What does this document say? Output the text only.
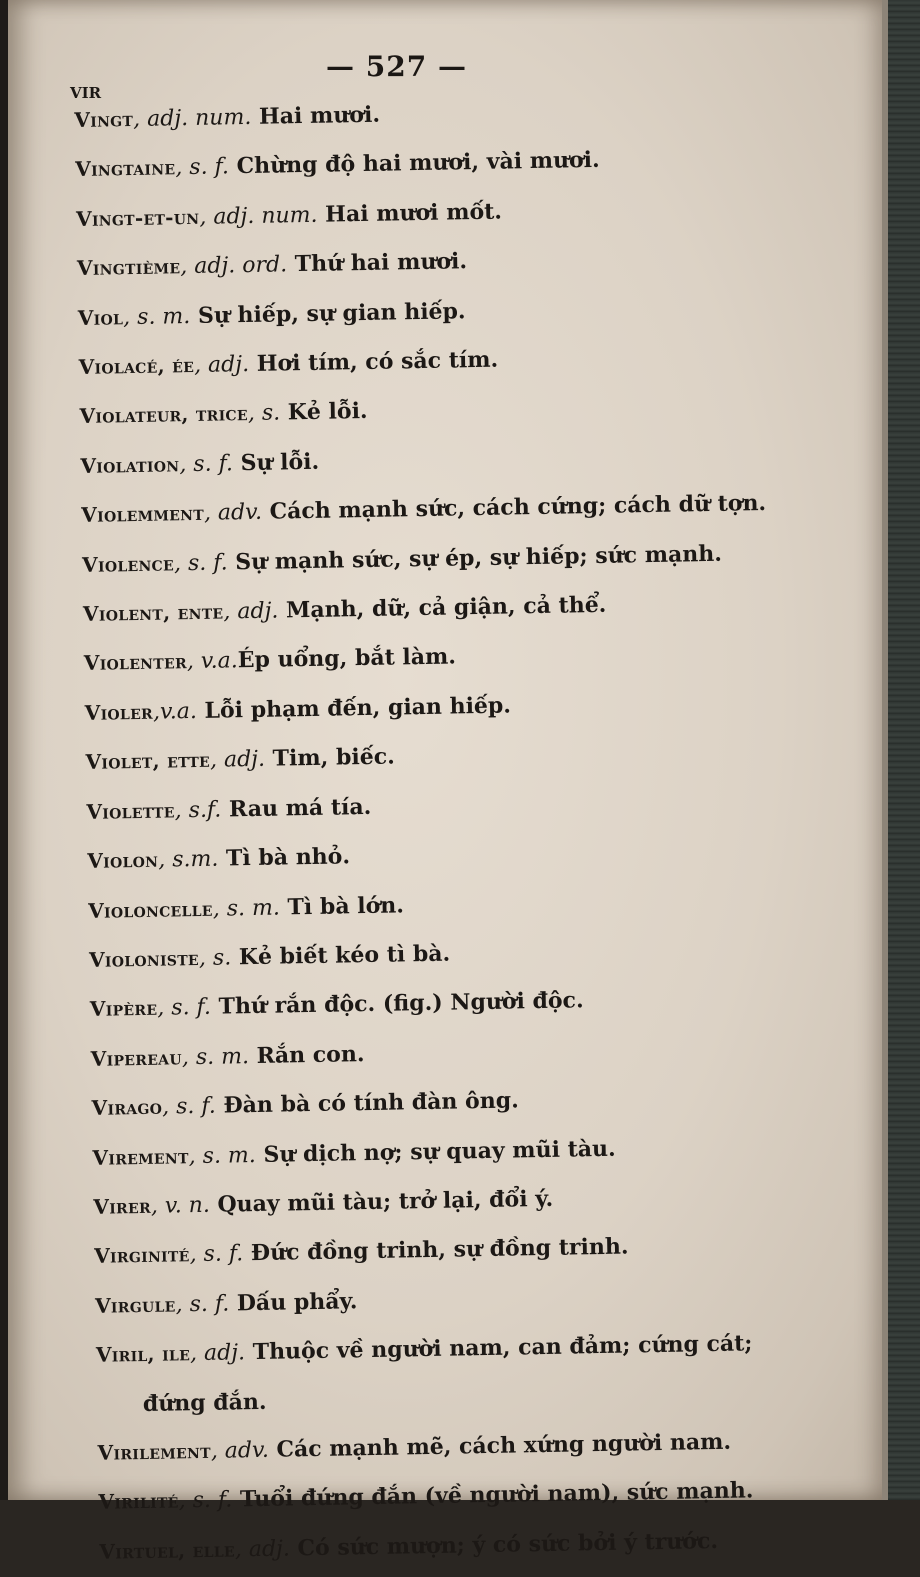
— 527 —
VIR
Vingt, adj. num. Hai mươi.
Vingtaine, s. f. Chừng độ hai mươi, vài mươi.
Vingt-et-un, adj. num. Hai mươi mốt.
Vingtième, adj. ord. Thứ hai mươi.
Viol, s. m. Sự hiếp, sự gian hiếp.
Violacé, ée, adj. Hơi tím, có sắc tím.
Violateur, trice, s. Kẻ lỗi.
Violation, s. f. Sự lỗi.
Violemment, adv. Cách mạnh sức, cách cứng; cách dữ tợn.
Violence, s. f. Sự mạnh sức, sự ép, sự hiếp; sức mạnh.
Violent, ente, adj. Mạnh, dữ, cả giận, cả thể.
Violenter, v.a.Ép uổng, bắt làm.
Violer,v.a. Lỗi phạm đến, gian hiếp.
Violet, ette, adj. Tim, biếc.
Violette, s.f. Rau má tía.
Violon, s.m. Tì bà nhỏ.
Violoncelle, s. m. Tì bà lớn.
Violoniste, s. Kẻ biết kéo tì bà.
Vipère, s. f. Thứ rắn độc. (fig.) Người độc.
Vipereau, s. m. Rắn con.
Virago, s. f. Đàn bà có tính đàn ông.
Virement, s. m. Sự dịch nợ; sự quay mũi tàu.
Virer, v. n. Quay mũi tàu; trở lại, đổi ý.
Virginité, s. f. Đức đồng trinh, sự đồng trinh.
Virgule, s. f. Dấu phẩy.
Viril, ile, adj. Thuộc về người nam, can đảm; cứng cát;
đứng đắn.
Virilement, adv. Các mạnh mẽ, cách xứng người nam.
Virilité, s. f. Tuổi đứng đắn (về người nam), sức mạnh.
Virtuel, elle, adj. Có sức mượn; ý có sức bởi ý trước.
